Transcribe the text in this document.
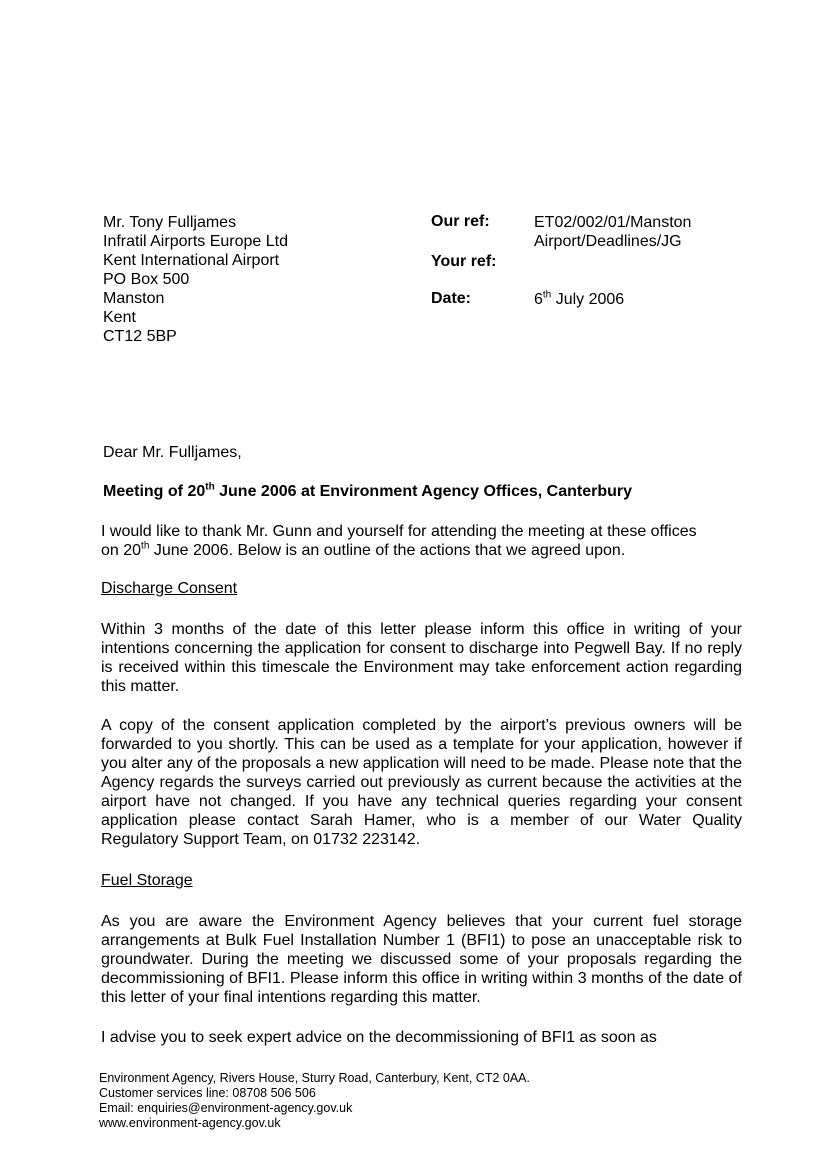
Mr. Tony Fulljames
Infratil Airports Europe Ltd
Kent International Airport
PO Box 500
Manston
Kent
CT12 5BP
Our ref:	ET02/002/01/Manston
Airport/Deadlines/JG
Your ref:
Date:	6th July 2006
Dear Mr. Fulljames,
Meeting of 20th June 2006 at Environment Agency Offices, Canterbury
I would like to thank Mr. Gunn and yourself for attending the meeting at these offices
on 20th June 2006. Below is an outline of the actions that we agreed upon.
Discharge Consent
Within 3 months of the date of this letter please inform this office in writing of your intentions concerning the application for consent to discharge into Pegwell Bay. If no reply is received within this timescale the Environment may take enforcement action regarding this matter.
A copy of the consent application completed by the airport’s previous owners will be forwarded to you shortly. This can be used as a template for your application, however if you alter any of the proposals a new application will need to be made. Please note that the Agency regards the surveys carried out previously as current because the activities at the airport have not changed. If you have any technical queries regarding your consent application please contact Sarah Hamer, who is a member of our Water Quality Regulatory Support Team, on 01732 223142.
Fuel Storage
As you are aware the Environment Agency believes that your current fuel storage arrangements at Bulk Fuel Installation Number 1 (BFI1) to pose an unacceptable risk to groundwater. During the meeting we discussed some of your proposals regarding the decommissioning of BFI1. Please inform this office in writing within 3 months of the date of this letter of your final intentions regarding this matter.
I advise you to seek expert advice on the decommissioning of BFI1 as soon as
Environment Agency, Rivers House, Sturry Road, Canterbury, Kent, CT2 0AA.
Customer services line: 08708 506 506
Email: enquiries@environment-agency.gov.uk
www.environment-agency.gov.uk
